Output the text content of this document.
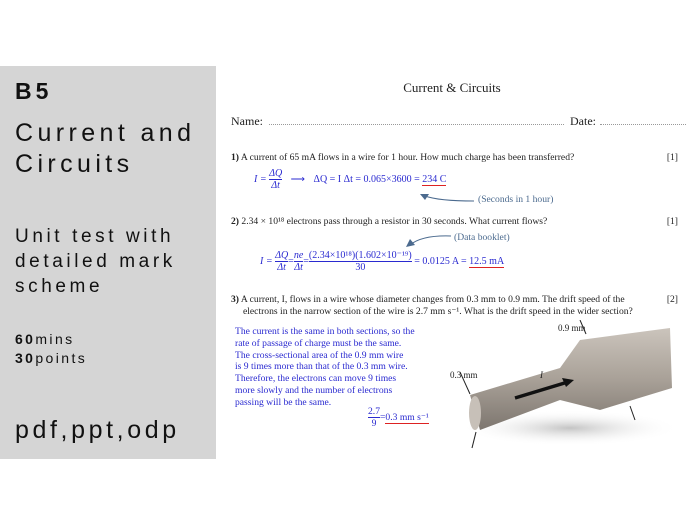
B5
Current and
Circuits
Unit test with
detailed mark
scheme
60mins
30points
pdf,ppt,odp
Current & Circuits
Name:	Date:
1) A current of 65 mA flows in a wire for 1 hour. How much charge has been transferred?	[1]
$I = \frac{\Delta Q}{\Delta t}$ ⟶ ΔQ = I Δt = 0.065×3600 = 234 C
(Seconds in 1 hour)
2) 2.34 × 10¹⁸ electrons pass through a resistor in 30 seconds. What current flows?	[1]
(Data booklet)
$I = \frac{\Delta Q}{\Delta t} = \frac{ne}{\Delta t} = \frac{\text{(2.34×10¹⁸)(1.602×10⁻¹⁹)}}{30} = 0.0125$ A = 12.5 mA
3) A current, I, flows in a wire whose diameter changes from 0.3 mm to 0.9 mm. The drift speed of the
electrons in the narrow section of the wire is 2.7 mm s⁻¹. What is the drift speed in the wider section?
[2]
The current is the same in both sections, so the
rate of passage of charge must be the same.
The cross-sectional area of the 0.9 mm wire
is 9 times more than that of the 0.3 mm wire.
Therefore, the electrons can move 9 times
more slowly and the number of electrons
passing will be the same.
$\frac{2.7}{9} =0.3$ mm s⁻¹
0.9 mm
0.3 mm	I
